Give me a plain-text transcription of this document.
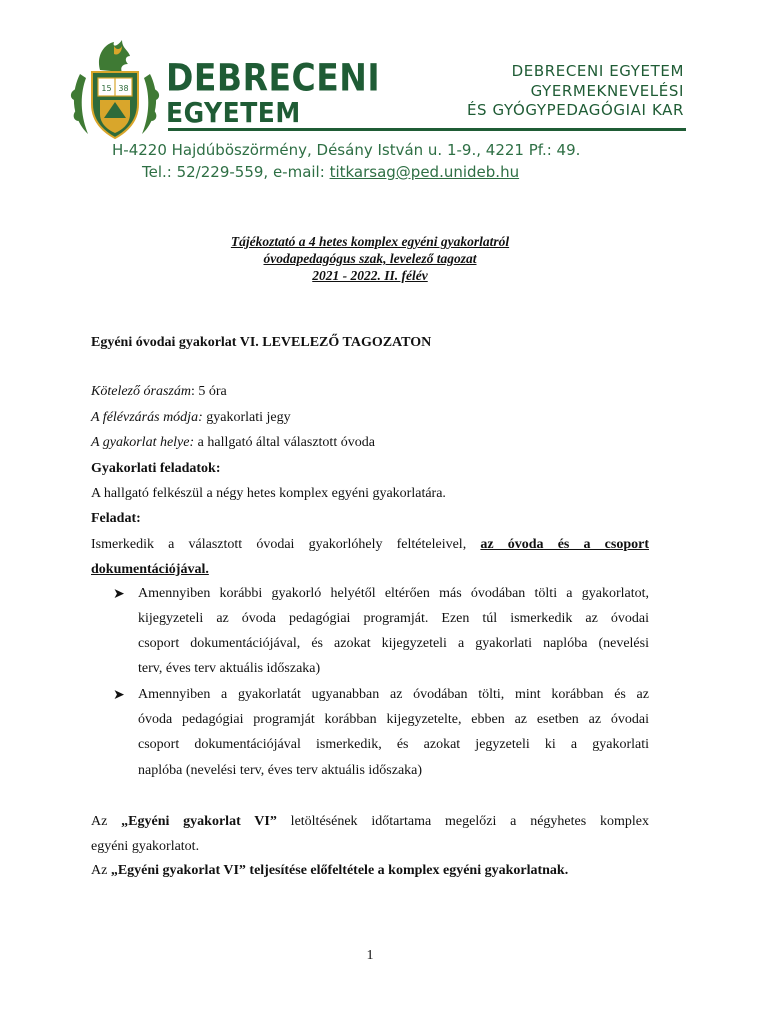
15 38 DEBRECENI
EGYETEM
DEBRECENI EGYETEM
GYERMEKNEVELÉSI
ÉS GYÓGYPEDAGÓGIAI KAR
H-4220 Hajdúböszörmény, Désány István u. 1-9., 4221 Pf.: 49.
Tel.: 52/229-559, e-mail: titkarsag@ped.unideb.hu
Tájékoztató a 4 hetes komplex egyéni gyakorlatról
óvodapedagógus szak, levelező tagozat
2021 - 2022. II. félév
Egyéni óvodai gyakorlat VI. LEVELEZŐ TAGOZATON
Kötelező óraszám: 5 óra
A félévzárás módja: gyakorlati jegy
A gyakorlat helye: a hallgató által választott óvoda
Gyakorlati feladatok:
A hallgató felkészül a négy hetes komplex egyéni gyakorlatára.
Feladat:
Ismerkedik a választott óvodai gyakorlóhely feltételeivel, az óvoda és a csoport
dokumentációjával.
➤ Amennyiben korábbi gyakorló helyétől eltérően más óvodában tölti a gyakorlatot,
kijegyzeteli az óvoda pedagógiai programját. Ezen túl ismerkedik az óvodai
csoport dokumentációjával, és azokat kijegyzeteli a gyakorlati naplóba (nevelési
terv, éves terv aktuális időszaka)
➤ Amennyiben a gyakorlatát ugyanabban az óvodában tölti, mint korábban és az
óvoda pedagógiai programját korábban kijegyzetelte, ebben az esetben az óvodai
csoport dokumentációjával ismerkedik, és azokat jegyzeteli ki a gyakorlati
naplóba (nevelési terv, éves terv aktuális időszaka)
Az „Egyéni gyakorlat VI” letöltésének időtartama megelőzi a négyhetes komplex
egyéni gyakorlatot.
Az „Egyéni gyakorlat VI” teljesítése előfeltétele a komplex egyéni gyakorlatnak.
1
